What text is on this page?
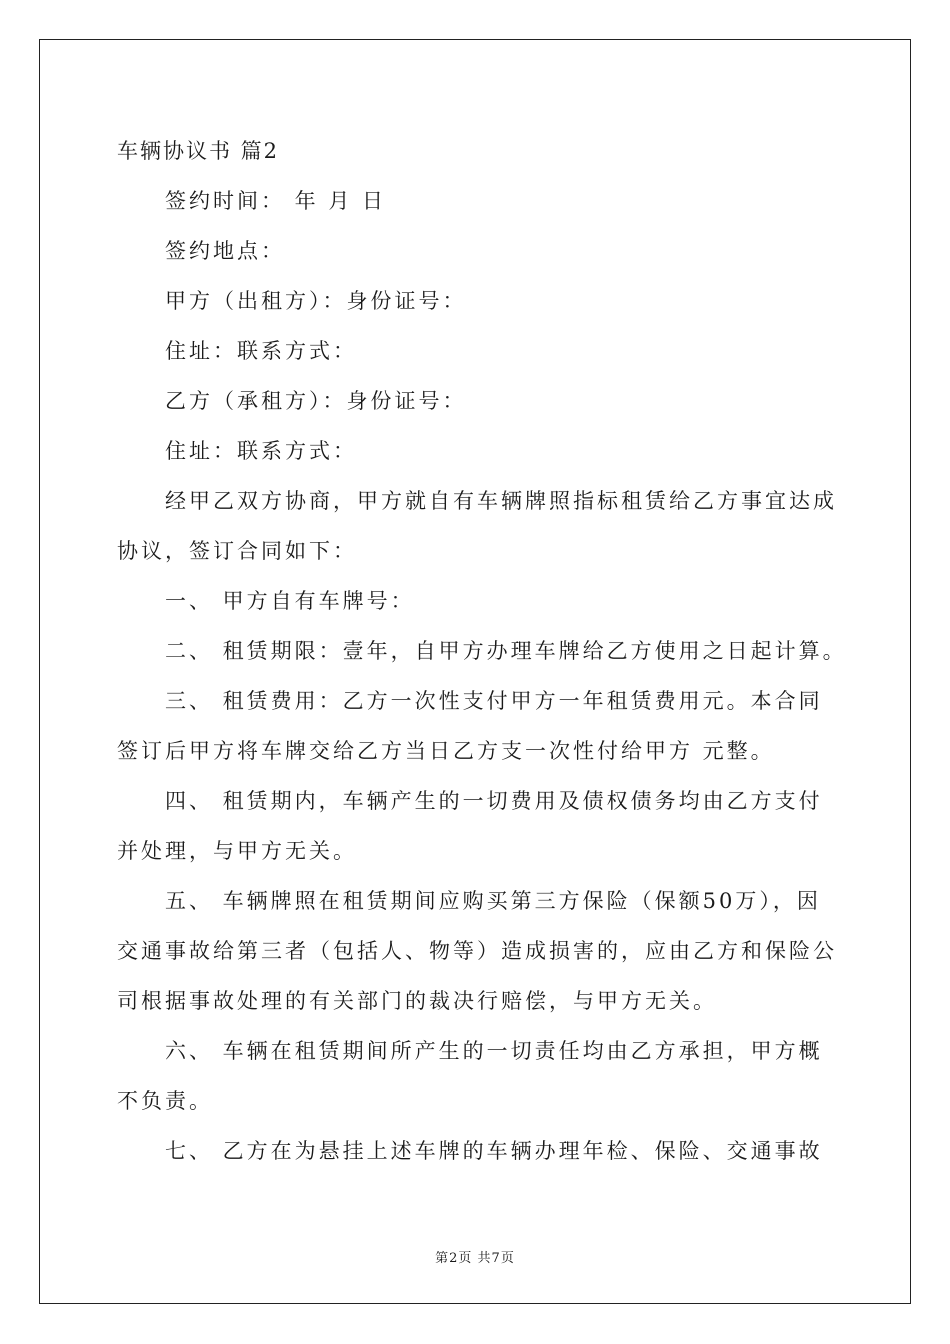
车辆协议书 篇2
签约时间： 年 月 日
签约地点：
甲方（出租方）：身份证号：
住址：联系方式：
乙方（承租方）：身份证号：
住址：联系方式：
经甲乙双方协商，甲方就自有车辆牌照指标租赁给乙方事宜达成
协议，签订合同如下：
一、 甲方自有车牌号：
二、 租赁期限：壹年，自甲方办理车牌给乙方使用之日起计算。
三、 租赁费用：乙方一次性支付甲方一年租赁费用元。本合同
签订后甲方将车牌交给乙方当日乙方支一次性付给甲方 元整。
四、 租赁期内，车辆产生的一切费用及债权债务均由乙方支付
并处理，与甲方无关。
五、 车辆牌照在租赁期间应购买第三方保险（保额50万），因
交通事故给第三者（包括人、物等）造成损害的，应由乙方和保险公
司根据事故处理的有关部门的裁决行赔偿，与甲方无关。
六、 车辆在租赁期间所产生的一切责任均由乙方承担，甲方概
不负责。
七、 乙方在为悬挂上述车牌的车辆办理年检、保险、交通事故
第2页 共7页
